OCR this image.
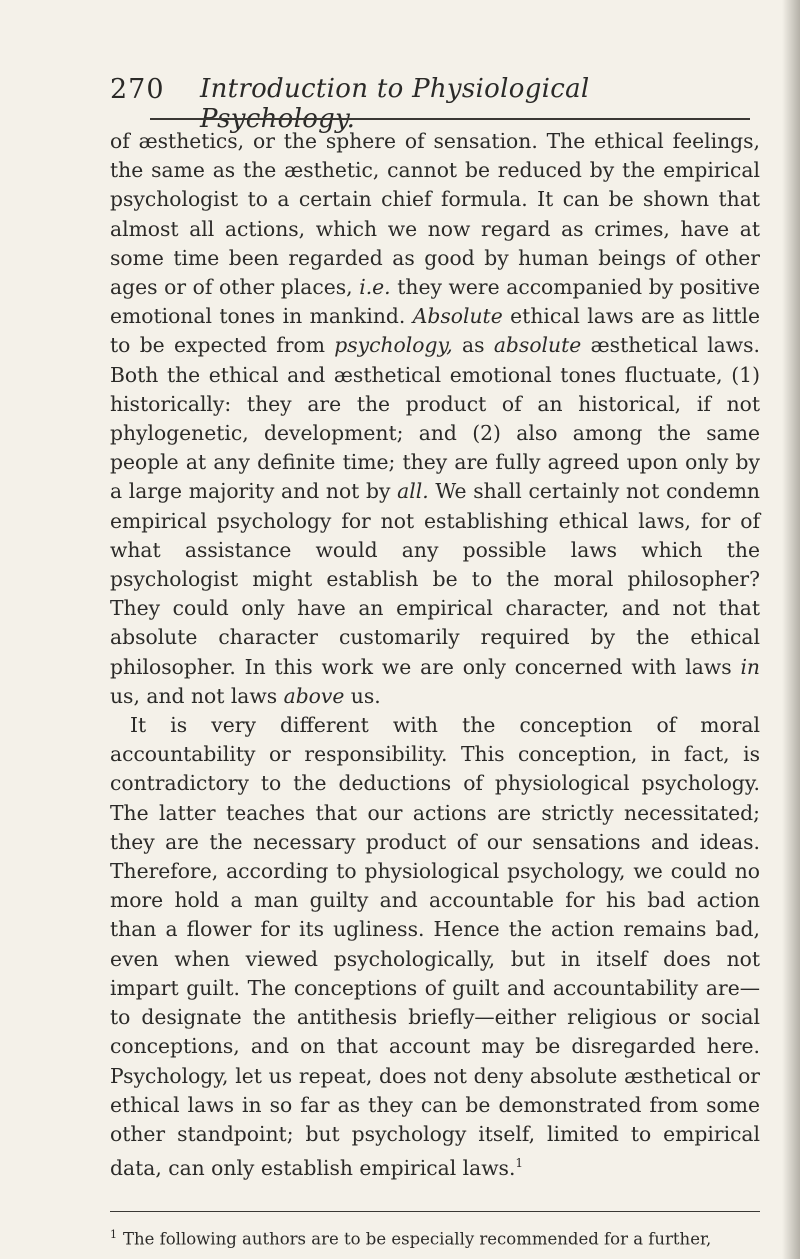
270 Introduction to Physiological Psychology.

of æsthetics, or the sphere of sensation. The ethical feelings, the same as the æsthetic, cannot be reduced by the empirical psychologist to a certain chief formula. It can be shown that almost all actions, which we now regard as crimes, have at some time been regarded as good by human beings of other ages or of other places, i.e. they were accompanied by positive emotional tones in mankind. Absolute ethical laws are as little to be expected from psychology, as absolute æsthetical laws. Both the ethical and æsthetical emotional tones fluctuate, (1) historically: they are the product of an historical, if not phylogenetic, development; and (2) also among the same people at any definite time; they are fully agreed upon only by a large majority and not by all. We shall certainly not condemn empirical psychology for not establishing ethical laws, for of what assistance would any possible laws which the psychologist might establish be to the moral philosopher? They could only have an empirical character, and not that absolute character customarily required by the ethical philosopher. In this work we are only concerned with laws in us, and not laws above us.

It is very different with the conception of moral accountability or responsibility. This conception, in fact, is contradictory to the deductions of physiological psychology. The latter teaches that our actions are strictly necessitated; they are the necessary product of our sensations and ideas. Therefore, according to physiological psychology, we could no more hold a man guilty and accountable for his bad action than a flower for its ugliness. Hence the action remains bad, even when viewed psychologically, but in itself does not impart guilt. The conceptions of guilt and accountability are—to designate the antithesis briefly—either religious or social conceptions, and on that account may be disregarded here. Psychology, let us repeat, does not deny absolute æsthetical or ethical laws in so far as they can be demonstrated from some other standpoint; but psychology itself, limited to empirical data, can only establish empirical laws.$^1$

$^1$ The following authors are to be especially recommended for a further,
